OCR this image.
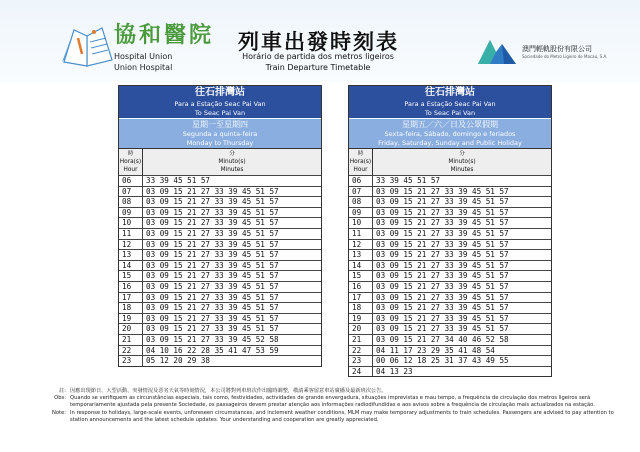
協和醫院
Hospital Union
Union Hospital
列車出發時刻表
Horário de partida dos metros ligeiros
Train Departure Timetable
澳門輕軌股份有限公司
Sociedade do Metro Ligeiro de Macau, S.A.
往石排灣站
Para a Estação Seac Pai Van
To Seac Pai Van
星期一至星期四
Segunda a quinta-feira
Monday to Thursday
時
Hora(s)
Hour
分
Minuto(s)
Minutes
06	33 39 45 51 57
07	03 09 15 21 27 33 39 45 51 57
08	03 09 15 21 27 33 39 45 51 57
09	03 09 15 21 27 33 39 45 51 57
10	03 09 15 21 27 33 39 45 51 57
11	03 09 15 21 27 33 39 45 51 57
12	03 09 15 21 27 33 39 45 51 57
13	03 09 15 21 27 33 39 45 51 57
14	03 09 15 21 27 33 39 45 51 57
15	03 09 15 21 27 33 39 45 51 57
16	03 09 15 21 27 33 39 45 51 57
17	03 09 15 21 27 33 39 45 51 57
18	03 09 15 21 27 33 39 45 51 57
19	03 09 15 21 27 33 39 45 51 57
20	03 09 15 21 27 33 39 45 51 57
21	03 09 15 21 27 33 39 45 52 58
22	04 10 16 22 28 35 41 47 53 59
23	05 12 20 29 38
往石排灣站
Para a Estação Seac Pai Van
To Seac Pai Van
星期五／六／日及公眾假期
Sexta-feira, Sábado, domingo e feriados
Friday, Saturday, Sunday and Public Holiday
時
Hora(s)
Hour
分
Minuto(s)
Minutes
06	33 39 45 51 57
07	03 09 15 21 27 33 39 45 51 57
08	03 09 15 21 27 33 39 45 51 57
09	03 09 15 21 27 33 39 45 51 57
10	03 09 15 21 27 33 39 45 51 57
11	03 09 15 21 27 33 39 45 51 57
12	03 09 15 21 27 33 39 45 51 57
13	03 09 15 21 27 33 39 45 51 57
14	03 09 15 21 27 33 39 45 51 57
15	03 09 15 21 27 33 39 45 51 57
16	03 09 15 21 27 33 39 45 51 57
17	03 09 15 21 27 33 39 45 51 57
18	03 09 15 21 27 33 39 45 51 57
19	03 09 15 21 27 33 39 45 51 57
20	03 09 15 21 27 33 39 45 51 57
21	03 09 15 21 27 34 40 46 52 58
22	04 11 17 23 29 35 41 48 54
23	00 06 12 18 25 31 37 43 49 55
24	04 13 23
註: 因應出現節日、大型活動、突發情況及惡劣天氣等時刻情況，本公司將對列車班次作出臨時調整，敬請乘客留意車站廣播及最新班次公告。
Obs: Quando se verifiquem as circunstâncias especiais, tais como, festividades, actividades de grande envergadura, situações imprevistas e mau tempo, a frequência de circulação dos metros ligeiros será temporariamente ajustada pela presente Sociedade, os passageiros devem prestar atenção aos informações radiodifundidas e aos avisos sobre a frequência de circulação mais actualizados na estação.
Note: In response to holidays, large-scale events, unforeseen circumstances, and inclement weather conditions, MLM may make temporary adjustments to train schedules. Passengers are advised to pay attention to station announcements and the latest schedule updates. Your understanding and cooperation are greatly appreciated.
